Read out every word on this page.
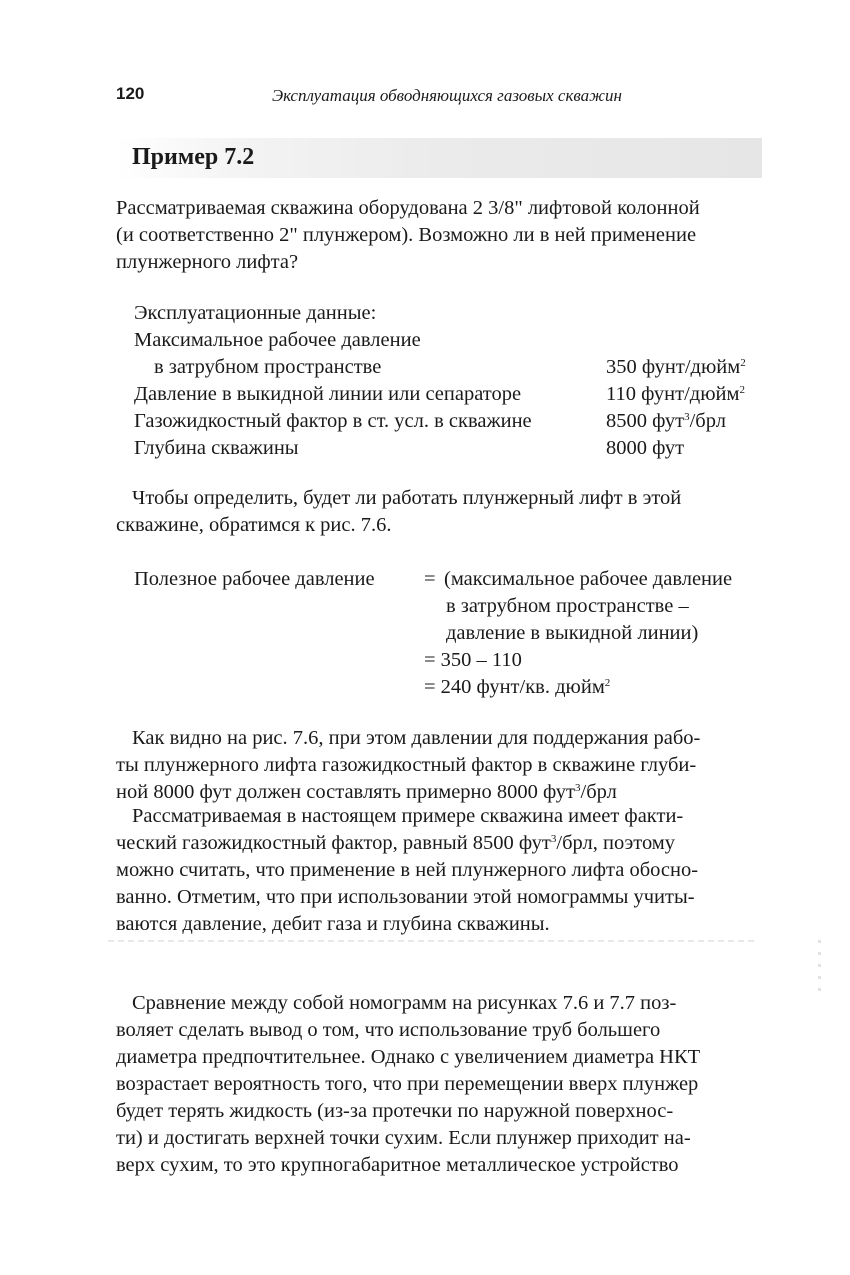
120	Эксплуатация обводняющихся газовых скважин
Пример 7.2

Рассматриваемая скважина оборудована 2 3/8" лифтовой колонной

(и соответственно 2" плунжером). Возможно ли в ней применение

плунжерного лифта?

Эксплуатационные данные:
Максимальное рабочее давление
в затрубном пространстве	350 фунт/дюйм$^2$
Давление в выкидной линии или сепараторе	110 фунт/дюйм$^2$
Газожидкостный фактор в ст. усл. в скважине	8500 фут$^3$/брл
Глубина скважины	8000 фут

Чтобы определить, будет ли работать плунжерный лифт в этой

скважине, обратимся к рис. 7.6.

Полезное рабочее давление	= (максимальное рабочее давление
в затрубном пространстве –
давление в выкидной линии)
= 350 – 110
= 240 фунт/кв. дюйм$^2$

Как видно на рис. 7.6, при этом давлении для поддержания рабо-

ты плунжерного лифта газожидкостный фактор в скважине глуби-

ной 8000 фут должен составлять примерно 8000 фут$^3$/брл

Рассматриваемая в настоящем примере скважина имеет факти-

ческий газожидкостный фактор, равный 8500 фут$^3$/брл, поэтому

можно считать, что применение в ней плунжерного лифта обосно-

ванно. Отметим, что при использовании этой номограммы учиты-

ваются давление, дебит газа и глубина скважины.

Сравнение между собой номограмм на рисунках 7.6 и 7.7 поз-

воляет сделать вывод о том, что использование труб большего

диаметра предпочтительнее. Однако с увеличением диаметра НКТ

возрастает вероятность того, что при перемещении вверх плунжер

будет терять жидкость (из-за протечки по наружной поверхнос-

ти) и достигать верхней точки сухим. Если плунжер приходит на-

верх сухим, то это крупногабаритное металлическое устройство
